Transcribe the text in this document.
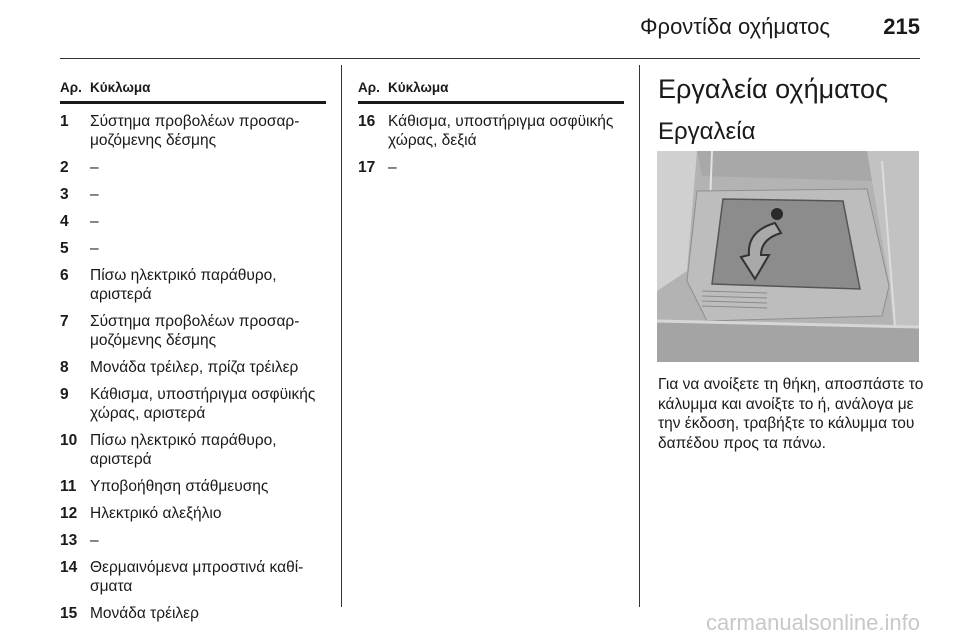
Φροντίδα οχήματος 215
Αρ. Κύκλωμα
1	Σύστημα προβολέων προσαρ-μοζόμενης δέσμης
2	–
3	–
4	–
5	–
6	Πίσω ηλεκτρικό παράθυρο, αριστερά
7	Σύστημα προβολέων προσαρ-μοζόμενης δέσμης
8	Μονάδα τρέιλερ, πρίζα τρέιλερ
9	Κάθισμα, υποστήριγμα οσφϋικής χώρας, αριστερά
10 Πίσω ηλεκτρικό παράθυρο, αριστερά
11 Υποβοήθηση στάθμευσης
12 Ηλεκτρικό αλεξήλιο
13 –
14 Θερμαινόμενα μπροστινά καθί-σματα
15 Μονάδα τρέιλερ
Αρ. Κύκλωμα
16 Κάθισμα, υποστήριγμα οσφϋικής χώρας, δεξιά
17 –
Εργαλεία οχήματος
Εργαλεία
Για να ανοίξετε τη θήκη, αποσπάστε το κάλυμμα και ανοίξτε το ή, ανάλογα με την έκδοση, τραβήξτε το κάλυμμα του δαπέδου προς τα πάνω.
carmanualsonline.info
